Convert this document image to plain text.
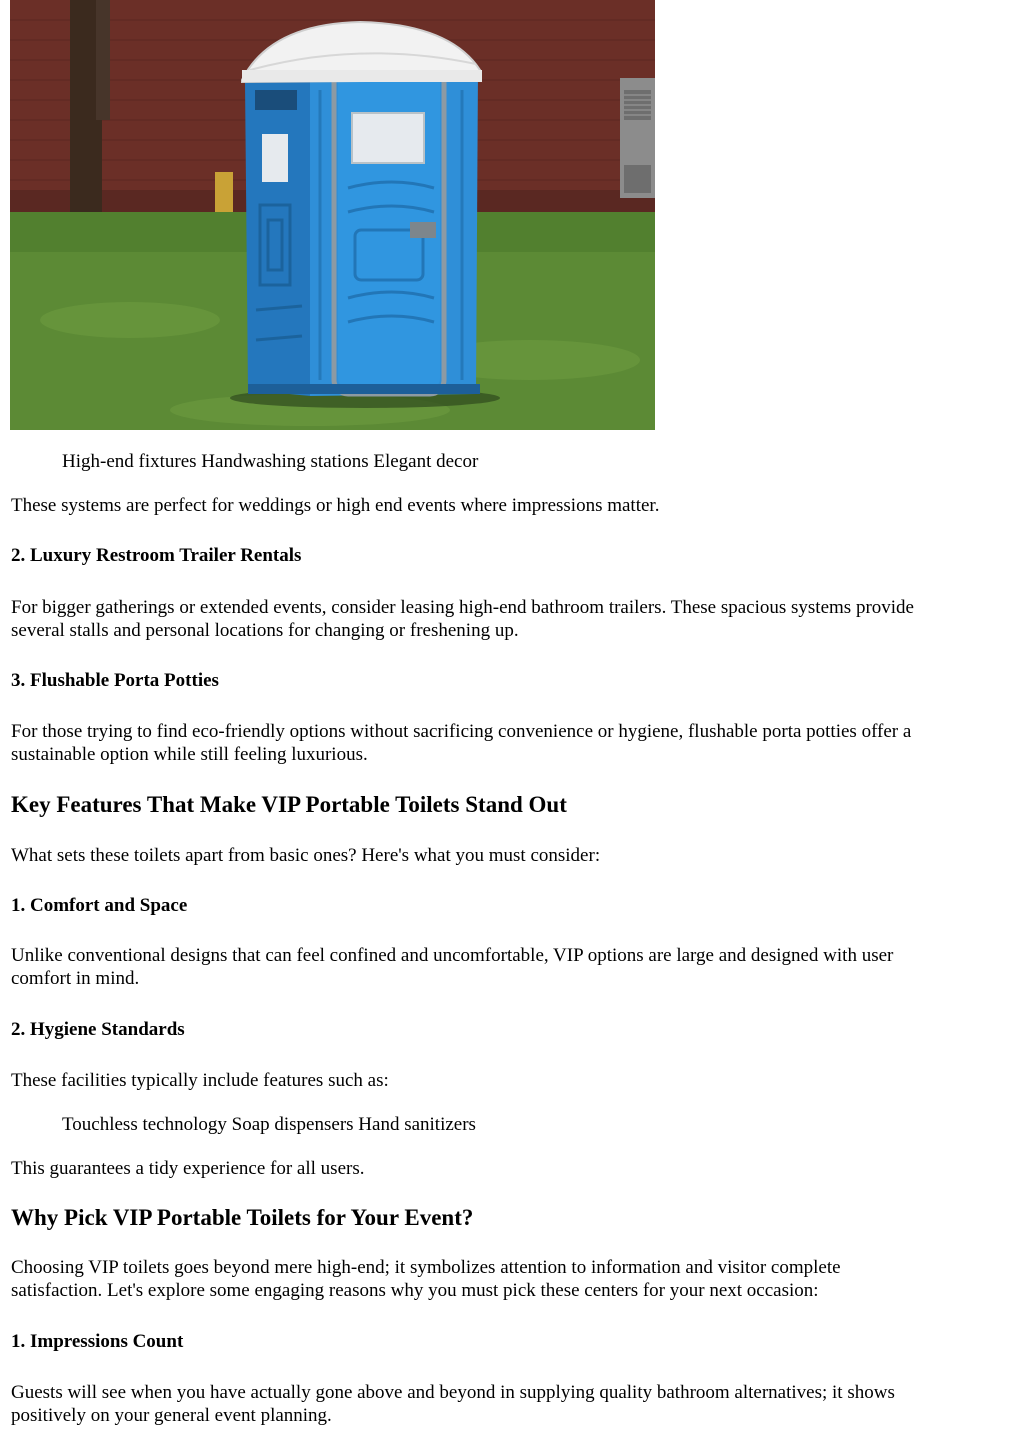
High-end fixtures Handwashing stations Elegant decor

These systems are perfect for weddings or high end events where impressions matter.

2. Luxury Restroom Trailer Rentals

For bigger gatherings or extended events, consider leasing high-end bathroom trailers. These spacious systems provide

several stalls and personal locations for changing or freshening up.

3. Flushable Porta Potties

For those trying to find eco-friendly options without sacrificing convenience or hygiene, flushable porta potties offer a

sustainable option while still feeling luxurious.

Key Features That Make VIP Portable Toilets Stand Out

What sets these toilets apart from basic ones? Here's what you must consider:

1. Comfort and Space

Unlike conventional designs that can feel confined and uncomfortable, VIP options are large and designed with user

comfort in mind.

2. Hygiene Standards

These facilities typically include features such as:

Touchless technology Soap dispensers Hand sanitizers

This guarantees a tidy experience for all users.

Why Pick VIP Portable Toilets for Your Event?

Choosing VIP toilets goes beyond mere high-end; it symbolizes attention to information and visitor complete

satisfaction. Let's explore some engaging reasons why you must pick these centers for your next occasion:

1. Impressions Count

Guests will see when you have actually gone above and beyond in supplying quality bathroom alternatives; it shows

positively on your general event planning.
